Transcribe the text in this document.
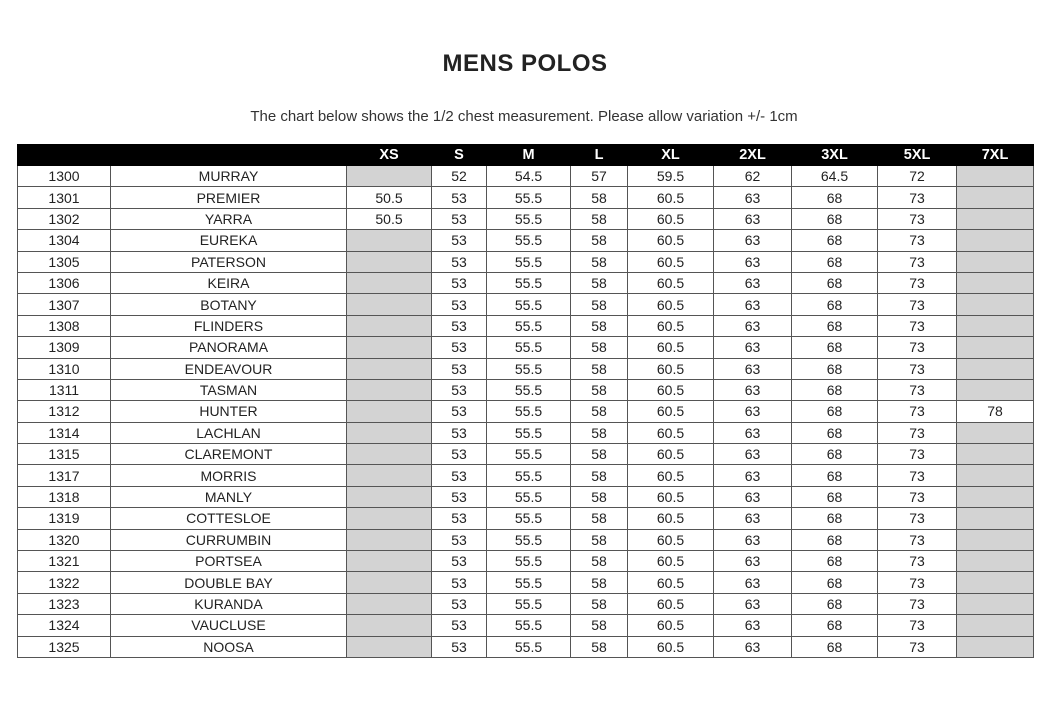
MENS POLOS
The chart below shows the 1/2 chest measurement. Please allow variation +/- 1cm
		XS	S	M	L	XL	2XL	3XL	5XL	7XL
1300	MURRAY		52	54.5	57	59.5	62	64.5	72	
1301	PREMIER	50.5	53	55.5	58	60.5	63	68	73	
1302	YARRA	50.5	53	55.5	58	60.5	63	68	73	
1304	EUREKA		53	55.5	58	60.5	63	68	73	
1305	PATERSON		53	55.5	58	60.5	63	68	73	
1306	KEIRA		53	55.5	58	60.5	63	68	73	
1307	BOTANY		53	55.5	58	60.5	63	68	73	
1308	FLINDERS		53	55.5	58	60.5	63	68	73	
1309	PANORAMA		53	55.5	58	60.5	63	68	73	
1310	ENDEAVOUR		53	55.5	58	60.5	63	68	73	
1311	TASMAN		53	55.5	58	60.5	63	68	73	
1312	HUNTER		53	55.5	58	60.5	63	68	73	78
1314	LACHLAN		53	55.5	58	60.5	63	68	73	
1315	CLAREMONT		53	55.5	58	60.5	63	68	73	
1317	MORRIS		53	55.5	58	60.5	63	68	73	
1318	MANLY		53	55.5	58	60.5	63	68	73	
1319	COTTESLOE		53	55.5	58	60.5	63	68	73	
1320	CURRUMBIN		53	55.5	58	60.5	63	68	73	
1321	PORTSEA		53	55.5	58	60.5	63	68	73	
1322	DOUBLE BAY		53	55.5	58	60.5	63	68	73	
1323	KURANDA		53	55.5	58	60.5	63	68	73	
1324	VAUCLUSE		53	55.5	58	60.5	63	68	73	
1325	NOOSA		53	55.5	58	60.5	63	68	73	
